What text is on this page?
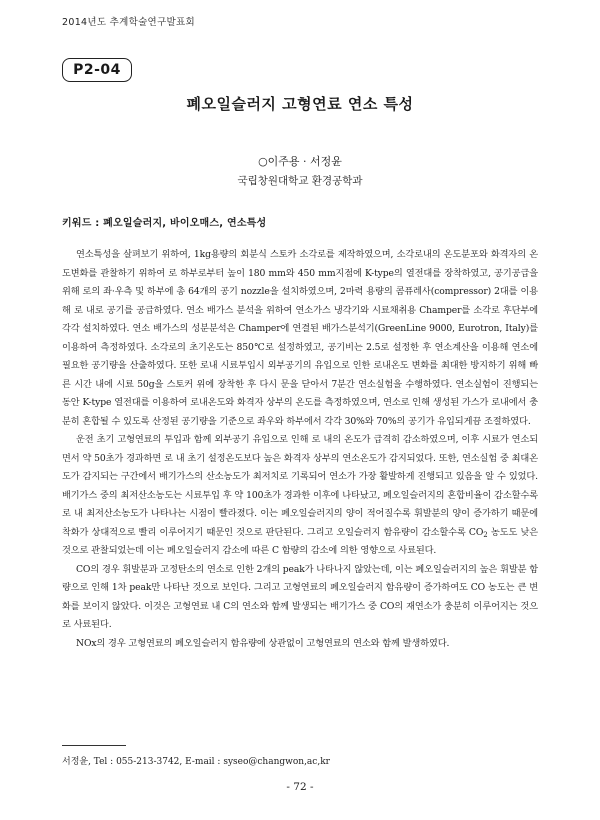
2014년도 추계학술연구발표회
P2-04
폐오일슬러지 고형연료 연소 특성
○이주용 · 서정윤
국립창원대학교 환경공학과
키워드 : 폐오일슬러지, 바이오매스, 연소특성

연소특성을 살펴보기 위하여, 1kg용량의 회분식 스토카 소각로를 제작하였으며, 소각로내의 온도분포와 화격자의 온도변화를 관찰하기 위하여 로 하부로부터 높이 180 mm와 450 mm지점에 K-type의 열전대를 장착하였고, 공기공급을 위해 로의 좌·우측 및 하부에 총 64개의 공기 nozzle을 설치하였으며, 2마력 용량의 콤퓨레사(compressor) 2대를 이용해 로 내로 공기를 공급하였다. 연소 배가스 분석을 위하여 연소가스 냉각기와 시료채취용 Champer를 소각로 후단부에 각각 설치하였다. 연소 배가스의 성분분석은 Champer에 연결된 배가스분석기(GreenLine 9000, Eurotron, Italy)를 이용하여 측정하였다. 소각로의 초기온도는 850℃로 설정하였고, 공기비는 2.5로 설정한 후 연소계산을 이용해 연소에 필요한 공기량을 산출하였다. 또한 로내 시료투입시 외부공기의 유입으로 인한 로내온도 변화를 최대한 방지하기 위해 빠른 시간 내에 시료 50g을 스토커 위에 장착한 후 다시 문을 닫아서 7분간 연소실험을 수행하였다. 연소실험이 진행되는 동안 K-type 열전대를 이용하여 로내온도와 화격자 상부의 온도를 측정하였으며, 연소로 인해 생성된 가스가 로내에서 충분히 혼합될 수 있도록 산정된 공기량을 기준으로 좌우와 하부에서 각각 30%와 70%의 공기가 유입되게끔 조절하였다.

운전 초기 고형연료의 투입과 함께 외부공기 유입으로 인해 로 내의 온도가 급격히 감소하였으며, 이후 시료가 연소되면서 약 50초가 경과하면 로 내 초기 설정온도보다 높은 화격자 상부의 연소온도가 감지되었다. 또한, 연소실험 중 최대온도가 감지되는 구간에서 배기가스의 산소농도가 최저치로 기록되어 연소가 가장 활발하게 진행되고 있음을 알 수 있었다. 배기가스 중의 최저산소농도는 시료투입 후 약 100초가 경과한 이후에 나타났고, 폐오일슬러지의 혼합비율이 감소할수록 로 내 최저산소농도가 나타나는 시점이 빨라졌다. 이는 폐오일슬러지의 양이 적어질수록 휘발분의 양이 증가하기 때문에 착화가 상대적으로 빨리 이루어지기 때문인 것으로 판단된다. 그리고 오일슬러지 함유량이 감소할수록 $CO_2$ 농도도 낮은 것으로 관찰되었는데 이는 폐오일슬러지 감소에 따른 C 함량의 감소에 의한 영향으로 사료된다.

CO의 경우 휘발분과 고정탄소의 연소로 인한 2개의 peak가 나타나지 않았는데, 이는 폐오일슬러지의 높은 휘발분 함량으로 인해 1차 peak만 나타난 것으로 보인다. 그리고 고형연료의 폐오일슬러지 함유량이 증가하여도 CO 농도는 큰 변화를 보이지 않았다. 이것은 고형연료 내 C의 연소와 함께 발생되는 배기가스 중 CO의 재연소가 충분히 이루어지는 것으로 사료된다.

NOx의 경우 고형연료의 폐오일슬러지 함유량에 상관없이 고형연료의 연소와 함께 발생하였다.

서정윤, Tel : 055-213-3742, E-mail : syseo@changwon,ac,kr
- 72 -
